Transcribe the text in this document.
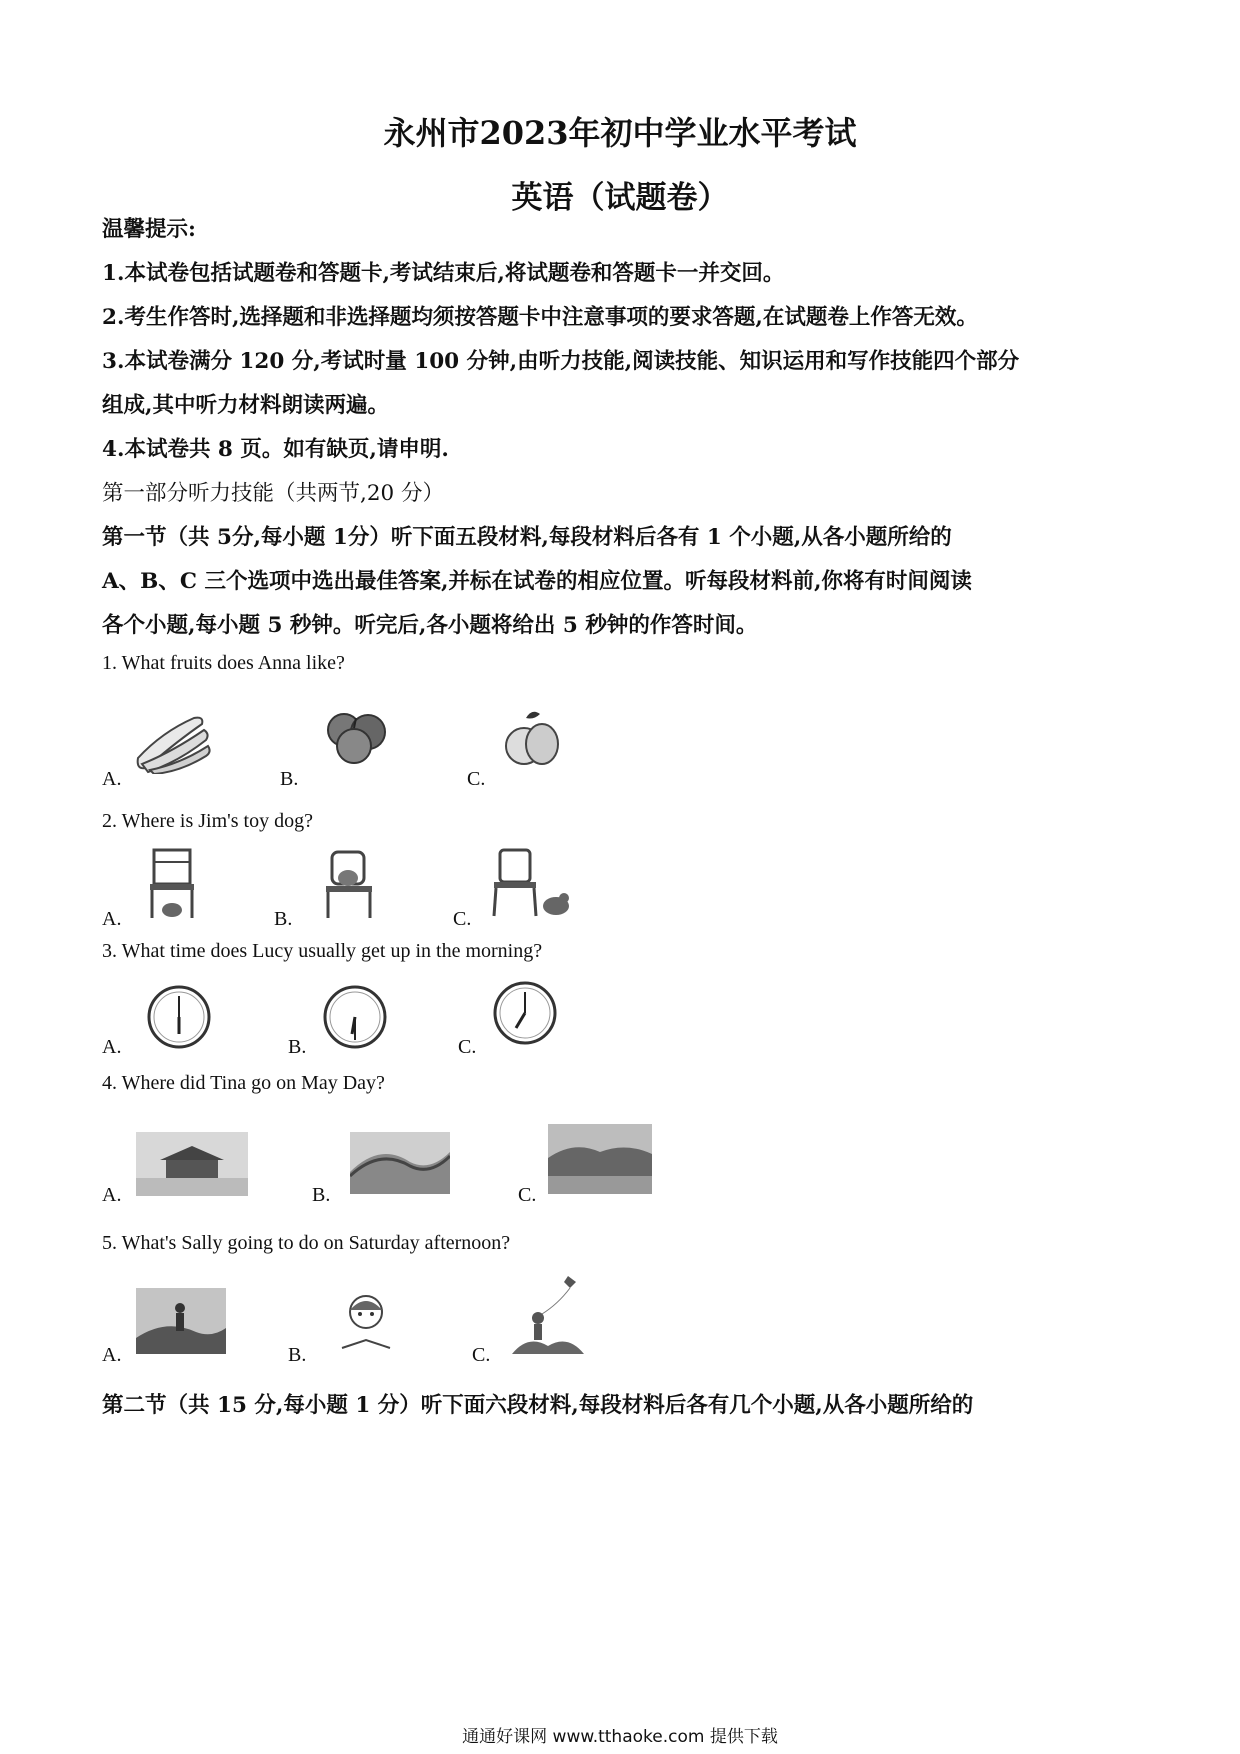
永州市2023年初中学业水平考试
英语（试题卷）
温馨提示:
1.本试卷包括试题卷和答题卡,考试结束后,将试题卷和答题卡一并交回。
2.考生作答时,选择题和非选择题均须按答题卡中注意事项的要求答题,在试题卷上作答无效。
3.本试卷满分 120 分,考试时量 100 分钟,由听力技能,阅读技能、知识运用和写作技能四个部分
组成,其中听力材料朗读两遍。
4.本试卷共 8 页。如有缺页,请申明.
第一部分听力技能（共两节,20 分）
第一节（共 5分,每小题 1分）听下面五段材料,每段材料后各有 1 个小题,从各小题所给的
A、B、C 三个选项中选出最佳答案,并标在试卷的相应位置。听每段材料前,你将有时间阅读
各个小题,每小题 5 秒钟。听完后,各小题将给出 5 秒钟的作答时间。
1. What fruits does Anna like?
A.	B.	C.
2. Where is Jim's toy dog?
A.	B.	C.
3. What time does Lucy usually get up in the morning?
A.	B.	C.
4. Where did Tina go on May Day?
A.	B.	C.
5. What's Sally going to do on Saturday afternoon?
A.	B.	C.
第二节（共 15 分,每小题 1 分）听下面六段材料,每段材料后各有几个小题,从各小题所给的
通通好课网 www.tthaoke.com 提供下载
